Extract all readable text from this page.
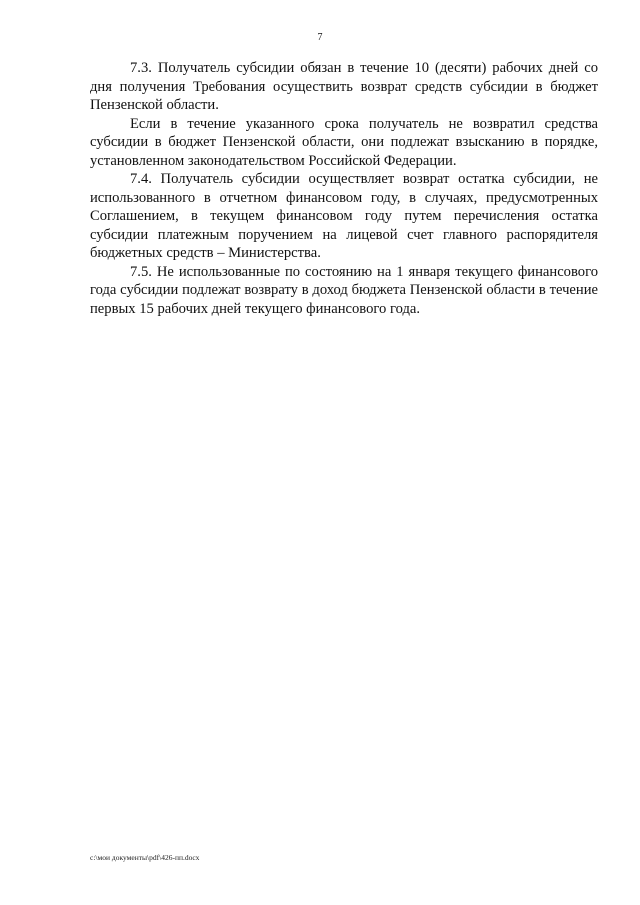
7

7.3. Получатель субсидии обязан в течение 10 (десяти) рабочих дней со дня получения Требования осуществить возврат средств субсидии в бюджет Пензенской области.

Если в течение указанного срока получатель не возвратил средства субсидии в бюджет Пензенской области, они подлежат взысканию в порядке, установленном законодательством Российской Федерации.

7.4. Получатель субсидии осуществляет возврат остатка субсидии, не использованного в отчетном финансовом году, в случаях, предусмотренных Соглашением, в текущем финансовом году путем перечисления остатка субсидии платежным поручением на лицевой счет главного распорядителя бюджетных средств – Министерства.

7.5. Не использованные по состоянию на 1 января текущего финансового года субсидии подлежат возврату в доход бюджета Пензенской области в течение первых 15 рабочих дней текущего финансового года.

c:\мои документы\pdf\426-пп.docx
